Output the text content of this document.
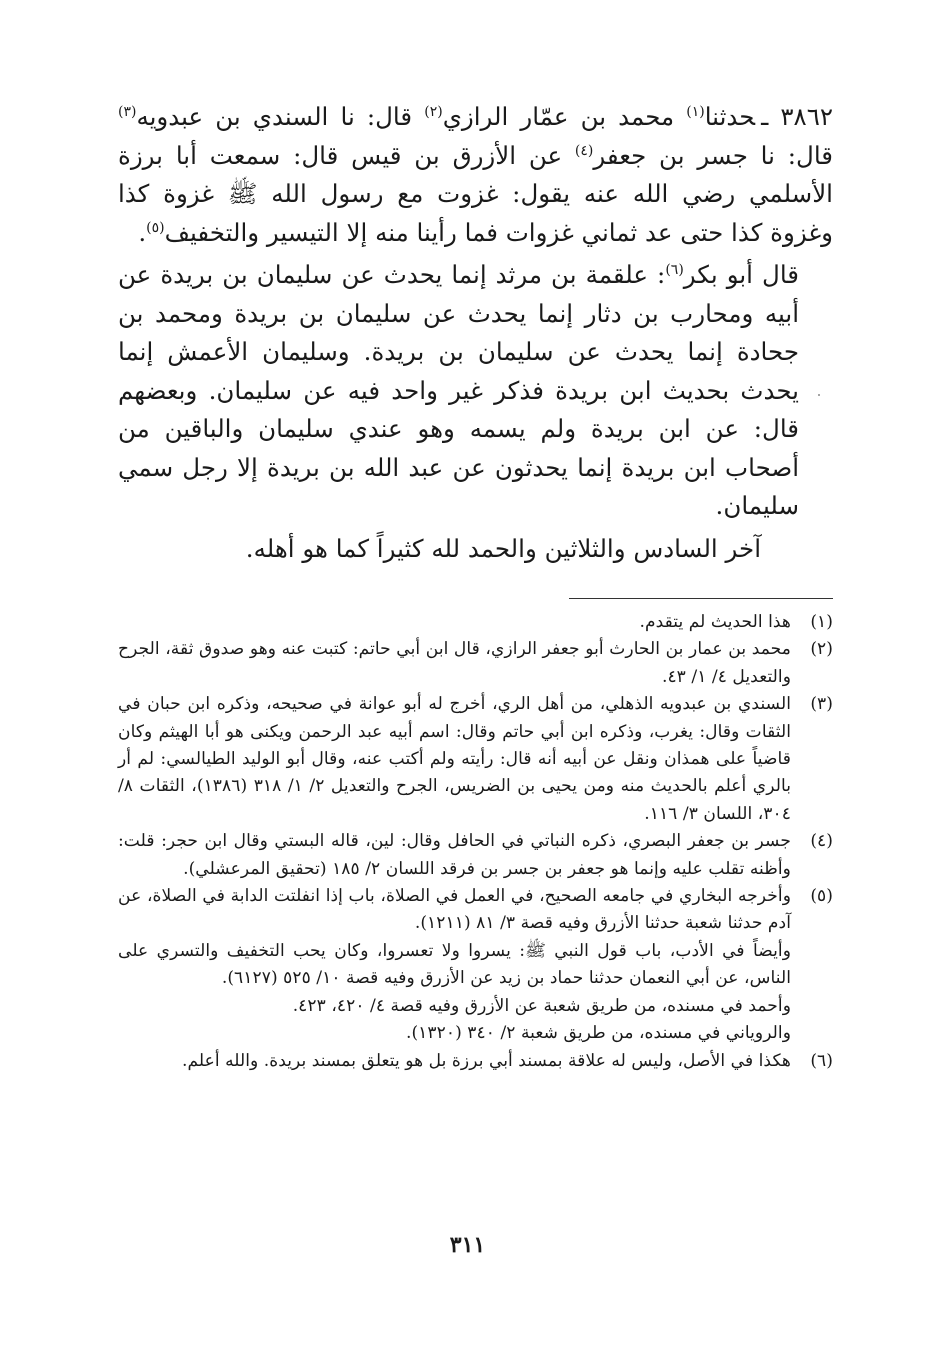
٣٨٦٢ ـحدثنا$^{(١)}$ محمد بن عمّار الرازي$^{(٢)}$ قال: نا السندي بن عبدويه$^{(٣)}$ قال: نا جسر بن جعفر$^{(٤)}$ عن الأزرق بن قيس قال: سمعت أبا برزة الأسلمي رضي الله عنه يقول: غزوت مع رسول الله ﷺ غزوة كذا وغزوة كذا حتى عد ثماني غزوات فما رأينا منه إلا التيسير والتخفيف$^{(٥)}$.

قال أبو بكر$^{(٦)}$: علقمة بن مرثد إنما يحدث عن سليمان بن بريدة عن أبيه ومحارب بن دثار إنما يحدث عن سليمان بن بريدة ومحمد بن جحادة إنما يحدث عن سليمان بن بريدة. وسليمان الأعمش إنما يحدث بحديث ابن بريدة فذكر غير واحد فيه عن سليمان. وبعضهم قال: عن ابن بريدة ولم يسمه وهو عندي سليمان والباقين من أصحاب ابن بريدة إنما يحدثون عن عبد الله بن بريدة إلا رجل سمي سليمان.

آخر السادس والثلاثين والحمد لله كثيراً كما هو أهله.

(١)

هذا الحديث لم يتقدم.

(٢)

محمد بن عمار بن الحارث أبو جعفر الرازي، قال ابن أبي حاتم: كتبت عنه وهو صدوق ثقة، الجرح والتعديل ٤/ ١/ ٤٣.

(٣)

السندي بن عبدويه الذهلي، من أهل الري، أخرج له أبو عوانة في صحيحه، وذكره ابن حبان في الثقات وقال: يغرب، وذكره ابن أبي حاتم وقال: اسم أبيه عبد الرحمن ويكنى هو أبا الهيثم وكان قاضياً على همذان ونقل عن أبيه أنه قال: رأيته ولم أكتب عنه، وقال أبو الوليد الطيالسي: لم أر بالري أعلم بالحديث منه ومن يحيى بن الضريس، الجرح والتعديل ٢/ ١/ ٣١٨ (١٣٨٦)، الثقات ٨/ ٣٠٤، اللسان ٣/ ١١٦.

(٤)

جسر بن جعفر البصري، ذكره النباتي في الحافل وقال: لين، قاله البستي وقال ابن حجر: قلت: وأظنه تقلب عليه وإنما هو جعفر بن جسر بن فرقد اللسان ٢/ ١٨٥ (تحقيق المرعشلي).

(٥)

وأخرجه البخاري في جامعه الصحيح، في العمل في الصلاة، باب إذا انفلتت الدابة في الصلاة، عن آدم حدثنا شعبة حدثنا الأزرق وفيه قصة ٣/ ٨١ (١٢١١).

وأيضاً في الأدب، باب قول النبي ﷺ: يسروا ولا تعسروا، وكان يحب التخفيف والتسري على الناس، عن أبي النعمان حدثنا حماد بن زيد عن الأزرق وفيه قصة ١٠/ ٥٢٥ (٦١٢٧).

وأحمد في مسنده، من طريق شعبة عن الأزرق وفيه قصة ٤/ ٤٢٠، ٤٢٣.

والروياني في مسنده، من طريق شعبة ٢/ ٣٤٠ (١٣٢٠).

(٦)

هكذا في الأصل، وليس له علاقة بمسند أبي برزة بل هو يتعلق بمسند بريدة. والله أعلم.

٣١١
